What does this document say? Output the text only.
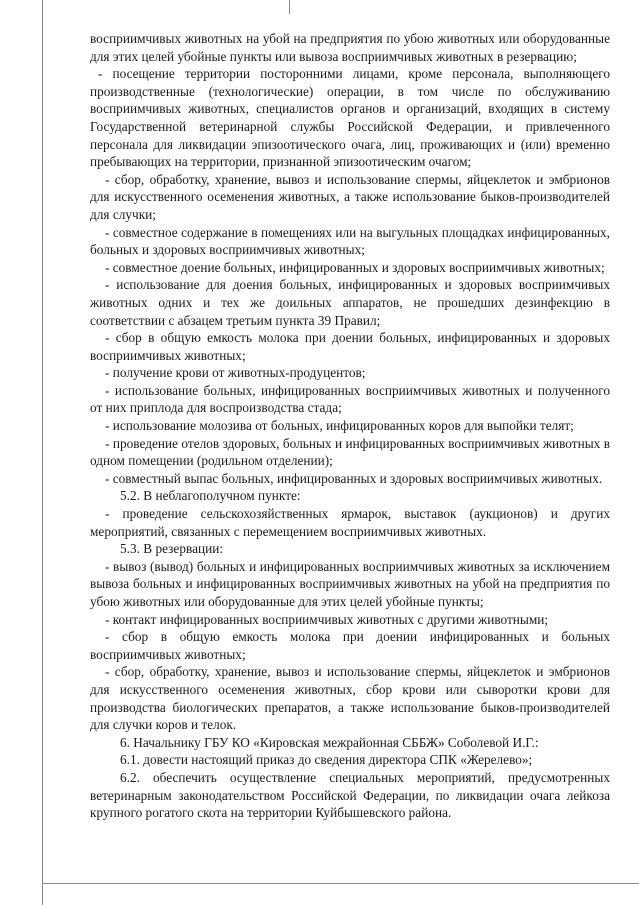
восприимчивых животных на убой на предприятия по убою животных или оборудованные для этих целей убойные пункты или вывоза восприимчивых животных в резервацию;

- посещение территории посторонними лицами, кроме персонала, выполняющего производственные (технологические) операции, в том числе по обслуживанию восприимчивых животных, специалистов органов и организаций, входящих в систему Государственной ветеринарной службы Российской Федерации, и привлеченного персонала для ликвидации эпизоотического очага, лиц, проживающих и (или) временно пребывающих на территории, признанной эпизоотическим очагом;

- сбор, обработку, хранение, вывоз и использование спермы, яйцеклеток и эмбрионов для искусственного осеменения животных, а также использование быков-производителей для случки;

- совместное содержание в помещениях или на выгульных площадках инфицированных, больных и здоровых восприимчивых животных;

- совместное доение больных, инфицированных и здоровых восприимчивых животных;

- использование для доения больных, инфицированных и здоровых восприимчивых животных одних и тех же доильных аппаратов, не прошедших дезинфекцию в соответствии с абзацем третьим пункта 39 Правил;

- сбор в общую емкость молока при доении больных, инфицированных и здоровых восприимчивых животных;

- получение крови от животных-продуцентов;

- использование больных, инфицированных восприимчивых животных и полученного от них приплода для воспроизводства стада;

- использование молозива от больных, инфицированных коров для выпойки телят;

- проведение отелов здоровых, больных и инфицированных восприимчивых животных в одном помещении (родильном отделении);

- совместный выпас больных, инфицированных и здоровых восприимчивых животных.

5.2. В неблагополучном пункте:

- проведение сельскохозяйственных ярмарок, выставок (аукционов) и других мероприятий, связанных с перемещением восприимчивых животных.

5.3. В резервации:

- вывоз (вывод) больных и инфицированных восприимчивых животных за исключением вывоза больных и инфицированных восприимчивых животных на убой на предприятия по убою животных или оборудованные для этих целей убойные пункты;

- контакт инфицированных восприимчивых животных с другими животными;

- сбор в общую емкость молока при доении инфицированных и больных восприимчивых животных;

- сбор, обработку, хранение, вывоз и использование спермы, яйцеклеток и эмбрионов для искусственного осеменения животных, сбор крови или сыворотки крови для производства биологических препаратов, а также использование быков-производителей для случки коров и телок.

6. Начальнику ГБУ КО «Кировская межрайонная СББЖ» Соболевой И.Г.:

6.1. довести настоящий приказ до сведения директора СПК «Жерелево»;

6.2. обеспечить осуществление специальных мероприятий, предусмотренных ветеринарным законодательством Российской Федерации, по ликвидации очага лейкоза крупного рогатого скота на территории Куйбышевского района.
